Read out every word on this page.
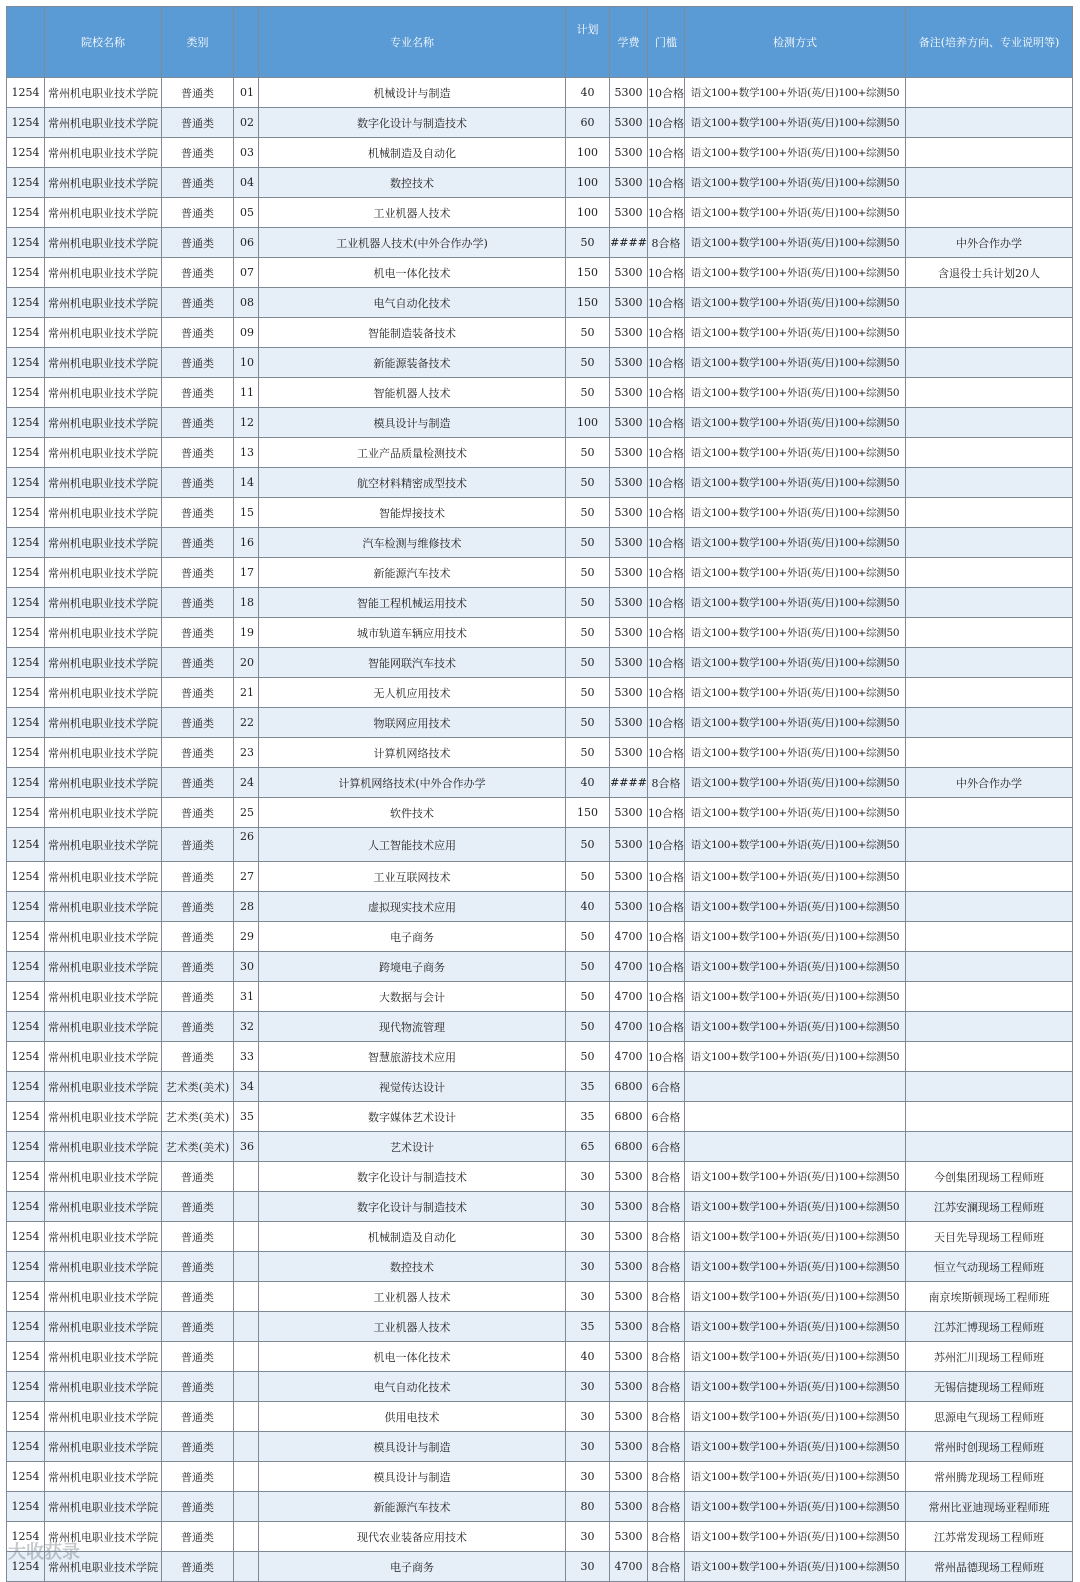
	院校名称	类别		专业名称	计划	学费	门槛	检测方式	备注(培养方向、专业说明等)
1254	常州机电职业技术学院	普通类	01	机械设计与制造	40	5300	10合格	语文100+数学100+外语(英/日)100+综测50	
1254	常州机电职业技术学院	普通类	02	数字化设计与制造技术	60	5300	10合格	语文100+数学100+外语(英/日)100+综测50	
1254	常州机电职业技术学院	普通类	03	机械制造及自动化	100	5300	10合格	语文100+数学100+外语(英/日)100+综测50	
1254	常州机电职业技术学院	普通类	04	数控技术	100	5300	10合格	语文100+数学100+外语(英/日)100+综测50	
1254	常州机电职业技术学院	普通类	05	工业机器人技术	100	5300	10合格	语文100+数学100+外语(英/日)100+综测50	
1254	常州机电职业技术学院	普通类	06	工业机器人技术(中外合作办学)	50	####	8合格	语文100+数学100+外语(英/日)100+综测50	中外合作办学
1254	常州机电职业技术学院	普通类	07	机电一体化技术	150	5300	10合格	语文100+数学100+外语(英/日)100+综测50	含退役士兵计划20人
1254	常州机电职业技术学院	普通类	08	电气自动化技术	150	5300	10合格	语文100+数学100+外语(英/日)100+综测50	
1254	常州机电职业技术学院	普通类	09	智能制造装备技术	50	5300	10合格	语文100+数学100+外语(英/日)100+综测50	
1254	常州机电职业技术学院	普通类	10	新能源装备技术	50	5300	10合格	语文100+数学100+外语(英/日)100+综测50	
1254	常州机电职业技术学院	普通类	11	智能机器人技术	50	5300	10合格	语文100+数学100+外语(英/日)100+综测50	
1254	常州机电职业技术学院	普通类	12	模具设计与制造	100	5300	10合格	语文100+数学100+外语(英/日)100+综测50	
1254	常州机电职业技术学院	普通类	13	工业产品质量检测技术	50	5300	10合格	语文100+数学100+外语(英/日)100+综测50	
1254	常州机电职业技术学院	普通类	14	航空材料精密成型技术	50	5300	10合格	语文100+数学100+外语(英/日)100+综测50	
1254	常州机电职业技术学院	普通类	15	智能焊接技术	50	5300	10合格	语文100+数学100+外语(英/日)100+综测50	
1254	常州机电职业技术学院	普通类	16	汽车检测与维修技术	50	5300	10合格	语文100+数学100+外语(英/日)100+综测50	
1254	常州机电职业技术学院	普通类	17	新能源汽车技术	50	5300	10合格	语文100+数学100+外语(英/日)100+综测50	
1254	常州机电职业技术学院	普通类	18	智能工程机械运用技术	50	5300	10合格	语文100+数学100+外语(英/日)100+综测50	
1254	常州机电职业技术学院	普通类	19	城市轨道车辆应用技术	50	5300	10合格	语文100+数学100+外语(英/日)100+综测50	
1254	常州机电职业技术学院	普通类	20	智能网联汽车技术	50	5300	10合格	语文100+数学100+外语(英/日)100+综测50	
1254	常州机电职业技术学院	普通类	21	无人机应用技术	50	5300	10合格	语文100+数学100+外语(英/日)100+综测50	
1254	常州机电职业技术学院	普通类	22	物联网应用技术	50	5300	10合格	语文100+数学100+外语(英/日)100+综测50	
1254	常州机电职业技术学院	普通类	23	计算机网络技术	50	5300	10合格	语文100+数学100+外语(英/日)100+综测50	
1254	常州机电职业技术学院	普通类	24	计算机网络技术(中外合作办学	40	####	8合格	语文100+数学100+外语(英/日)100+综测50	中外合作办学
1254	常州机电职业技术学院	普通类	25	软件技术	150	5300	10合格	语文100+数学100+外语(英/日)100+综测50	
1254	常州机电职业技术学院	普通类	26	人工智能技术应用	50	5300	10合格	语文100+数学100+外语(英/日)100+综测50	
1254	常州机电职业技术学院	普通类	27	工业互联网技术	50	5300	10合格	语文100+数学100+外语(英/日)100+综测50	
1254	常州机电职业技术学院	普通类	28	虚拟现实技术应用	40	5300	10合格	语文100+数学100+外语(英/日)100+综测50	
1254	常州机电职业技术学院	普通类	29	电子商务	50	4700	10合格	语文100+数学100+外语(英/日)100+综测50	
1254	常州机电职业技术学院	普通类	30	跨境电子商务	50	4700	10合格	语文100+数学100+外语(英/日)100+综测50	
1254	常州机电职业技术学院	普通类	31	大数据与会计	50	4700	10合格	语文100+数学100+外语(英/日)100+综测50	
1254	常州机电职业技术学院	普通类	32	现代物流管理	50	4700	10合格	语文100+数学100+外语(英/日)100+综测50	
1254	常州机电职业技术学院	普通类	33	智慧旅游技术应用	50	4700	10合格	语文100+数学100+外语(英/日)100+综测50	
1254	常州机电职业技术学院	艺术类(美术)	34	视觉传达设计	35	6800	6合格		
1254	常州机电职业技术学院	艺术类(美术)	35	数字媒体艺术设计	35	6800	6合格		
1254	常州机电职业技术学院	艺术类(美术)	36	艺术设计	65	6800	6合格		
1254	常州机电职业技术学院	普通类		数字化设计与制造技术	30	5300	8合格	语文100+数学100+外语(英/日)100+综测50	今创集团现场工程师班
1254	常州机电职业技术学院	普通类		数字化设计与制造技术	30	5300	8合格	语文100+数学100+外语(英/日)100+综测50	江苏安澜现场工程师班
1254	常州机电职业技术学院	普通类		机械制造及自动化	30	5300	8合格	语文100+数学100+外语(英/日)100+综测50	天目先导现场工程师班
1254	常州机电职业技术学院	普通类		数控技术	30	5300	8合格	语文100+数学100+外语(英/日)100+综测50	恒立气动现场工程师班
1254	常州机电职业技术学院	普通类		工业机器人技术	30	5300	8合格	语文100+数学100+外语(英/日)100+综测50	南京埃斯顿现场工程师班
1254	常州机电职业技术学院	普通类		工业机器人技术	35	5300	8合格	语文100+数学100+外语(英/日)100+综测50	江苏汇博现场工程师班
1254	常州机电职业技术学院	普通类		机电一体化技术	40	5300	8合格	语文100+数学100+外语(英/日)100+综测50	苏州汇川现场工程师班
1254	常州机电职业技术学院	普通类		电气自动化技术	30	5300	8合格	语文100+数学100+外语(英/日)100+综测50	无锡信捷现场工程师班
1254	常州机电职业技术学院	普通类		供用电技术	30	5300	8合格	语文100+数学100+外语(英/日)100+综测50	思源电气现场工程师班
1254	常州机电职业技术学院	普通类		模具设计与制造	30	5300	8合格	语文100+数学100+外语(英/日)100+综测50	常州时创现场工程师班
1254	常州机电职业技术学院	普通类		模具设计与制造	30	5300	8合格	语文100+数学100+外语(英/日)100+综测50	常州腾龙现场工程师班
1254	常州机电职业技术学院	普通类		新能源汽车技术	80	5300	8合格	语文100+数学100+外语(英/日)100+综测50	常州比亚迪现场亚程师班
1254	常州机电职业技术学院	普通类		现代农业装备应用技术	30	5300	8合格	语文100+数学100+外语(英/日)100+综测50	江苏常发现场工程师班
1254	常州机电职业技术学院	普通类		电子商务	30	4700	8合格	语文100+数学100+外语(英/日)100+综测50	常州晶德现场工程师班
大收获录
